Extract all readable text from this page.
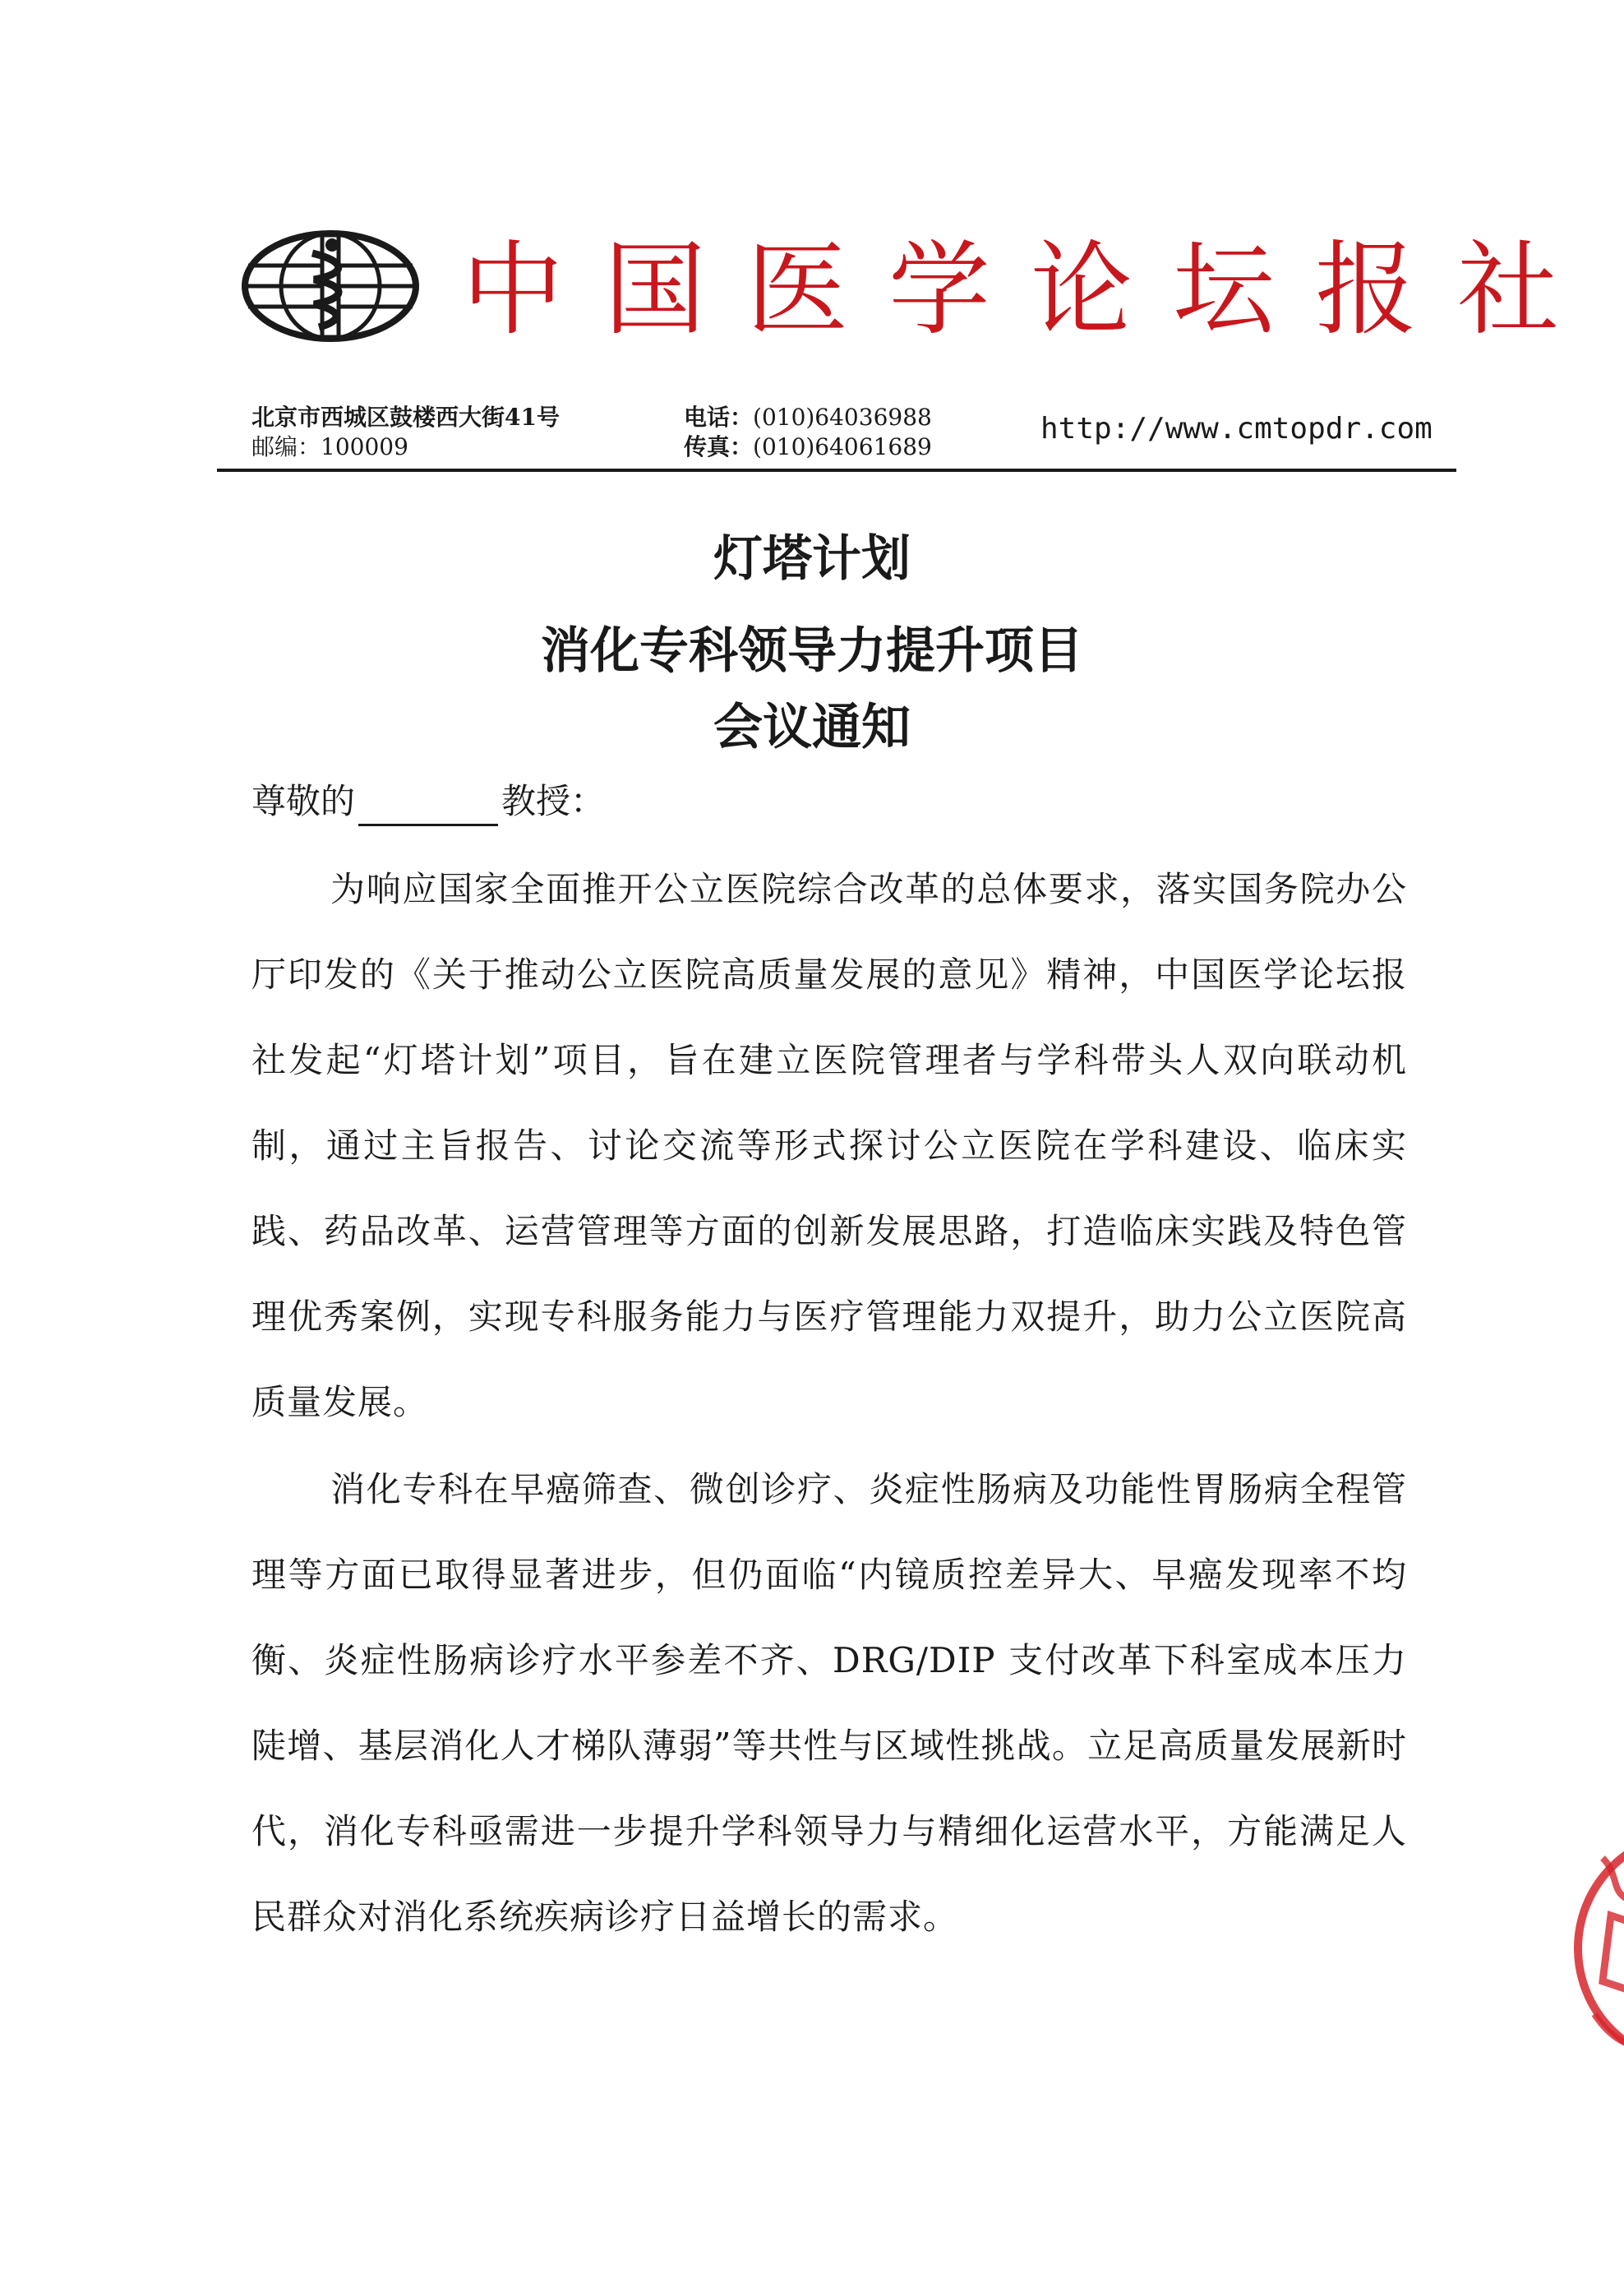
中国医学论坛报社
北京市西城区鼓楼西大街41号
邮编：100009
电话：(010)64036988
传真：(010)64061689
http://www.cmtopdr.com
灯塔计划
消化专科领导力提升项目
会议通知
尊敬的	教授：
为响应国家全面推开公立医院综合改革的总体要求，落实国务院办公厅印发的《关于推动公立医院高质量发展的意见》精神，中国医学论坛报社发起“灯塔计划”项目，旨在建立医院管理者与学科带头人双向联动机制，通过主旨报告、讨论交流等形式探讨公立医院在学科建设、临床实践、药品改革、运营管理等方面的创新发展思路，打造临床实践及特色管理优秀案例，实现专科服务能力与医疗管理能力双提升，助力公立医院高质量发展。
消化专科在早癌筛查、微创诊疗、炎症性肠病及功能性胃肠病全程管理等方面已取得显著进步，但仍面临“内镜质控差异大、早癌发现率不均衡、炎症性肠病诊疗水平参差不齐、DRG/DIP 支付改革下科室成本压力陡增、基层消化人才梯队薄弱”等共性与区域性挑战。立足高质量发展新时代，消化专科亟需进一步提升学科领导力与精细化运营水平，方能满足人民群众对消化系统疾病诊疗日益增长的需求。
